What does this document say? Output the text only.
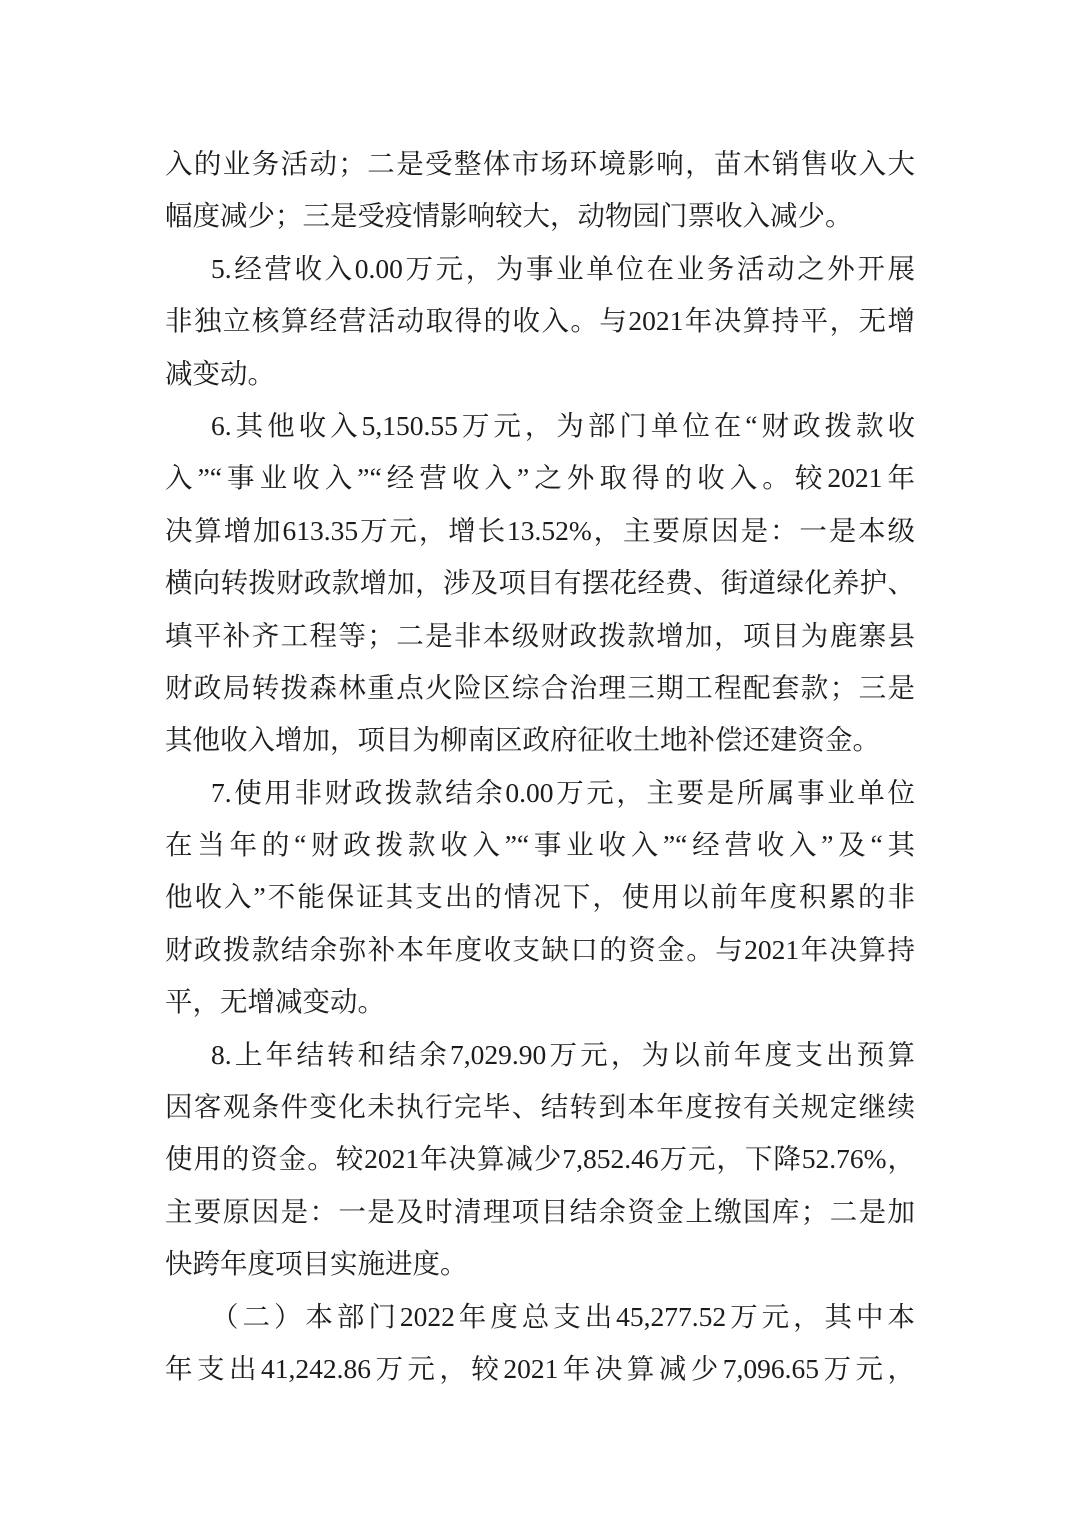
入的业务活动；二是受整体市场环境影响，苗木销售收入大
幅度减少；三是受疫情影响较大，动物园门票收入减少。
5.经营收入0.00万元，为事业单位在业务活动之外开展
非独立核算经营活动取得的收入。与2021年决算持平，无增
减变动。
6.其他收入5,150.55万元，为部门单位在“财政拨款收
入”“事业收入”“经营收入”之外取得的收入。较2021年
决算增加613.35万元，增长13.52%，主要原因是：一是本级
横向转拨财政款增加，涉及项目有摆花经费、街道绿化养护、
填平补齐工程等；二是非本级财政拨款增加，项目为鹿寨县
财政局转拨森林重点火险区综合治理三期工程配套款；三是
其他收入增加，项目为柳南区政府征收土地补偿还建资金。
7.使用非财政拨款结余0.00万元，主要是所属事业单位
在当年的“财政拨款收入”“事业收入”“经营收入”及“其
他收入”不能保证其支出的情况下，使用以前年度积累的非
财政拨款结余弥补本年度收支缺口的资金。与2021年决算持
平，无增减变动。
8.上年结转和结余7,029.90万元，为以前年度支出预算
因客观条件变化未执行完毕、结转到本年度按有关规定继续
使用的资金。较2021年决算减少7,852.46万元，下降52.76%，
主要原因是：一是及时清理项目结余资金上缴国库；二是加
快跨年度项目实施进度。
（二）本部门2022年度总支出45,277.52万元，其中本
年支出41,242.86万元，较2021年决算减少7,096.65万元，
